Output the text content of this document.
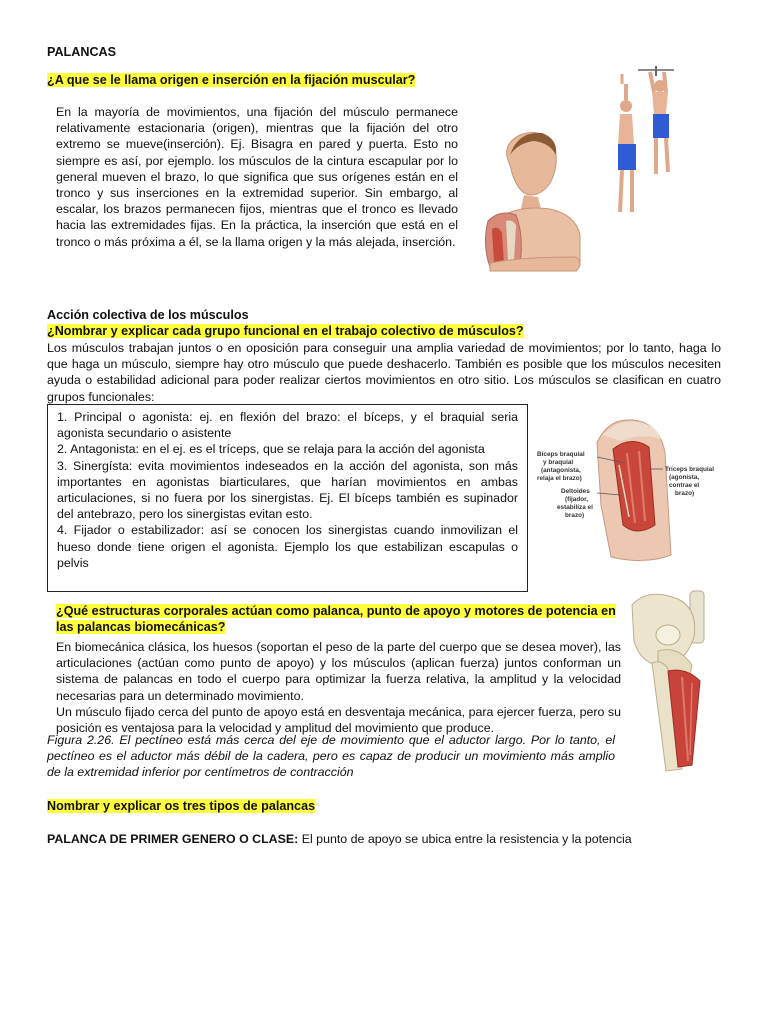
PALANCAS
¿A que se le llama origen e inserción en la fijación muscular?
En la mayoría de movimientos, una fijación del músculo permanece relativamente estacionaria (origen), mientras que la fijación del otro extremo se mueve(inserción). Ej. Bisagra en pared y puerta. Esto no siempre es así, por ejemplo. los músculos de la cintura escapular por lo general mueven el brazo, lo que significa que sus orígenes están en el tronco y sus inserciones en la extremidad superior. Sin embargo, al escalar, los brazos permanecen fijos, mientras que el tronco es llevado hacia las extremidades fijas. En la práctica, la inserción que está en el tronco o más próxima a él, se la llama origen y la más alejada, inserción.
Acción colectiva de los músculos
¿Nombrar y explicar cada grupo funcional en el trabajo colectivo de músculos?
Los músculos trabajan juntos o en oposición para conseguir una amplia variedad de movimientos; por lo tanto, haga lo que haga un músculo, siempre hay otro músculo que puede deshacerlo. También es posible que los músculos necesiten ayuda o estabilidad adicional para poder realizar ciertos movimientos en otro sitio. Los músculos se clasifican en cuatro grupos funcionales:

1. Principal o agonista: ej. en flexión del brazo: el bíceps, y el braquial seria agonista secundario o asistente

2. Antagonista: en el ej. es el tríceps, que se relaja para la acción del agonista

3. Sinergísta: evita movimientos indeseados en la acción del agonista, son más importantes en agonistas biarticulares, que harían movimientos en ambas articulaciones, si no fuera por los sinergistas. Ej. El bíceps también es supinador del antebrazo, pero los sinergistas evitan esto.

4. Fijador o estabilizador: así se conocen los sinergistas cuando inmovilizan el hueso donde tiene origen el agonista. Ejemplo los que estabilizan escapulas o pelvis

Bíceps braquial
y braquial
(antagonista,
relaja el brazo)
Deltoides
(fijador,
estabiliza el
brazo)
Tríceps braquial
(agonista,
contrae el
brazo)
¿Qué estructuras corporales actúan como palanca, punto de apoyo y motores de potencia en las palancas biomecánicas?
En biomecánica clásica, los huesos (soportan el peso de la parte del cuerpo que se desea mover), las articulaciones (actúan como punto de apoyo) y los músculos (aplican fuerza) juntos conforman un sistema de palancas en todo el cuerpo para optimizar la fuerza relativa, la amplitud y la velocidad necesarias para un determinado movimiento.
Un músculo fijado cerca del punto de apoyo está en desventaja mecánica, para ejercer fuerza, pero su posición es ventajosa para la velocidad y amplitud del movimiento que produce.
Figura 2.26. El pectíneo está más cerca del eje de movimiento que el aductor largo. Por lo tanto, el pectíneo es el aductor más débil de la cadera, pero es capaz de producir un movimiento más amplio de la extremidad inferior por centímetros de contracción
Nombrar y explicar os tres tipos de palancas
PALANCA DE PRIMER GENERO O CLASE: El punto de apoyo se ubica entre la resistencia y la potencia
